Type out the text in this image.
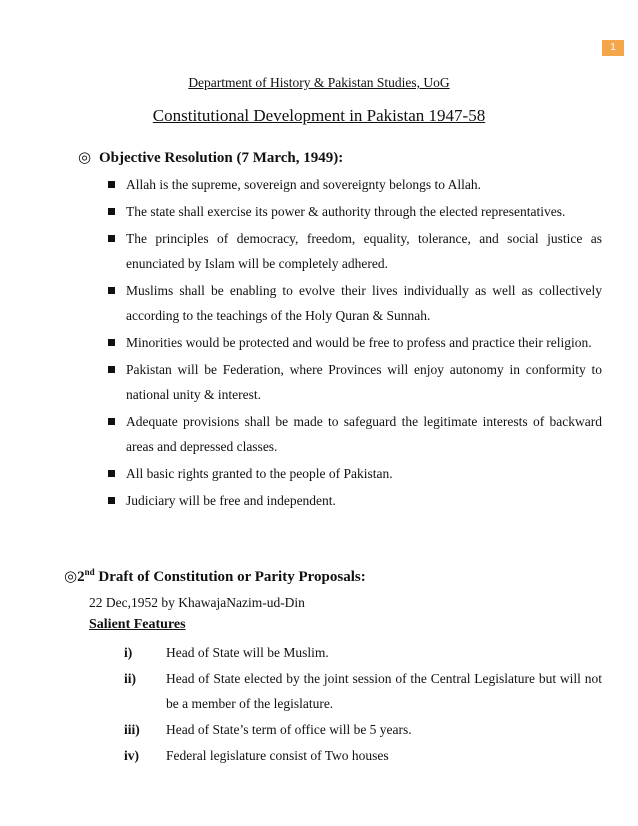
1
Department of History & Pakistan Studies, UoG
Constitutional Development in Pakistan 1947-58
◎ Objective Resolution (7 March, 1949):
Allah is the supreme, sovereign and sovereignty belongs to Allah.
The state shall exercise its power & authority through the elected representatives.
The principles of democracy, freedom, equality, tolerance, and social justice as enunciated by Islam will be completely adhered.
Muslims shall be enabling to evolve their lives individually as well as collectively according to the teachings of the Holy Quran & Sunnah.
Minorities would be protected and would be free to profess and practice their religion.
Pakistan will be Federation, where Provinces will enjoy autonomy in conformity to national unity & interest.
Adequate provisions shall be made to safeguard the legitimate interests of backward areas and depressed classes.
All basic rights granted to the people of Pakistan.
Judiciary will be free and independent.
◎2nd Draft of Constitution or Parity Proposals:
22 Dec,1952 by KhawajaNazim-ud-Din
Salient Features
i)	Head of State will be Muslim.
ii) Head of State elected by the joint session of the Central Legislature but will not be a member of the legislature.
iii) Head of State’s term of office will be 5 years.
iv) Federal legislature consist of Two houses
